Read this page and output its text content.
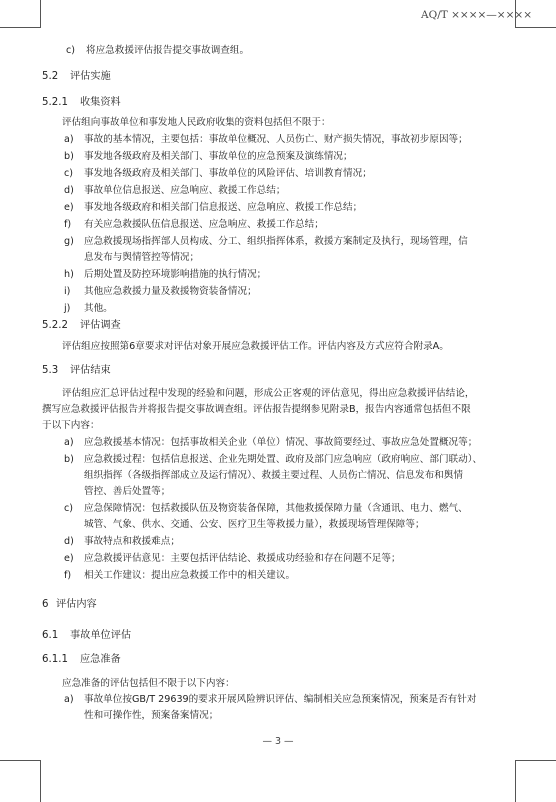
AQ/T ××××—××××
c) 将应急救援评估报告提交事故调查组。
5.2 评估实施
5.2.1 收集资料
评估组向事故单位和事发地人民政府收集的资料包括但不限于：
a) 事故的基本情况，主要包括：事故单位概况、人员伤亡、财产损失情况，事故初步原因等；
b) 事发地各级政府及相关部门、事故单位的应急预案及演练情况；
c) 事发地各级政府及相关部门、事故单位的风险评估、培训教育情况；
d) 事故单位信息报送、应急响应、救援工作总结；
e) 事发地各级政府和相关部门信息报送、应急响应、救援工作总结；
f) 有关应急救援队伍信息报送、应急响应、救援工作总结；
g) 应急救援现场指挥部人员构成、分工、组织指挥体系，救援方案制定及执行，现场管理，信
息发布与舆情管控等情况；
h) 后期处置及防控环境影响措施的执行情况；
i) 其他应急救援力量及救援物资装备情况；
j) 其他。
5.2.2 评估调查
评估组应按照第6章要求对评估对象开展应急救援评估工作。评估内容及方式应符合附录A。
5.3 评估结束
评估组应汇总评估过程中发现的经验和问题，形成公正客观的评估意见，得出应急救援评估结论，
撰写应急救援评估报告并将报告提交事故调查组。评估报告提纲参见附录B，报告内容通常包括但不限
于以下内容：
a) 应急救援基本情况：包括事故相关企业（单位）情况、事故简要经过、事故应急处置概况等；
b) 应急救援过程：包括信息报送、企业先期处置、政府及部门应急响应（政府响应、部门联动）、
组织指挥（各级指挥部成立及运行情况）、救援主要过程、人员伤亡情况、信息发布和舆情
管控、善后处置等；
c) 应急保障情况：包括救援队伍及物资装备保障，其他救援保障力量（含通讯、电力、燃气、
城管、气象、供水、交通、公安、医疗卫生等救援力量），救援现场管理保障等；
d) 事故特点和救援难点；
e) 应急救援评估意见：主要包括评估结论、救援成功经验和存在问题不足等；
f) 相关工作建议：提出应急救援工作中的相关建议。
6 评估内容
6.1 事故单位评估
6.1.1 应急准备
应急准备的评估包括但不限于以下内容：
a) 事故单位按GB/T 29639的要求开展风险辨识评估、编制相关应急预案情况，预案是否有针对
性和可操作性，预案备案情况；
— 3 —
